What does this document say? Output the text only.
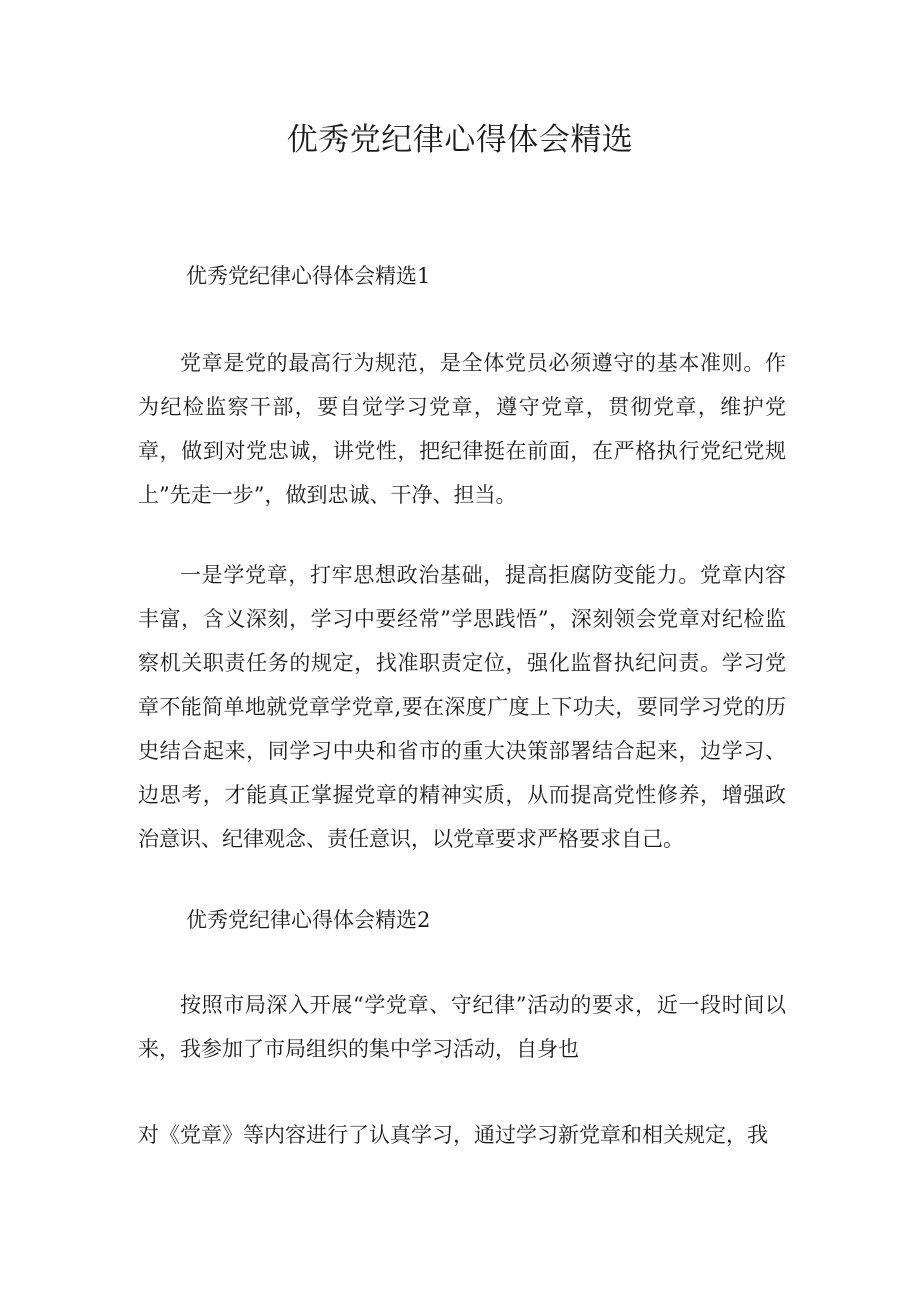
优秀党纪律心得体会精选

优秀党纪律心得体会精选1

党章是党的最高行为规范，是全体党员必须遵守的基本准则。作为纪检监察干部，要自觉学习党章，遵守党章，贯彻党章，维护党章，做到对党忠诚，讲党性，把纪律挺在前面，在严格执行党纪党规上”先走一步”，做到忠诚、干净、担当。

一是学党章，打牢思想政治基础，提高拒腐防变能力。党章内容丰富，含义深刻，学习中要经常”学思践悟”，深刻领会党章对纪检监察机关职责任务的规定，找准职责定位，强化监督执纪问责。学习党章不能简单地就党章学党章,要在深度广度上下功夫，要同学习党的历史结合起来，同学习中央和省市的重大决策部署结合起来，边学习、边思考，才能真正掌握党章的精神实质，从而提高党性修养，增强政治意识、纪律观念、责任意识，以党章要求严格要求自己。

优秀党纪律心得体会精选2

按照市局深入开展“学党章、守纪律”活动的要求，近一段时间以来，我参加了市局组织的集中学习活动，自身也

对《党章》等内容进行了认真学习，通过学习新党章和相关规定，我
